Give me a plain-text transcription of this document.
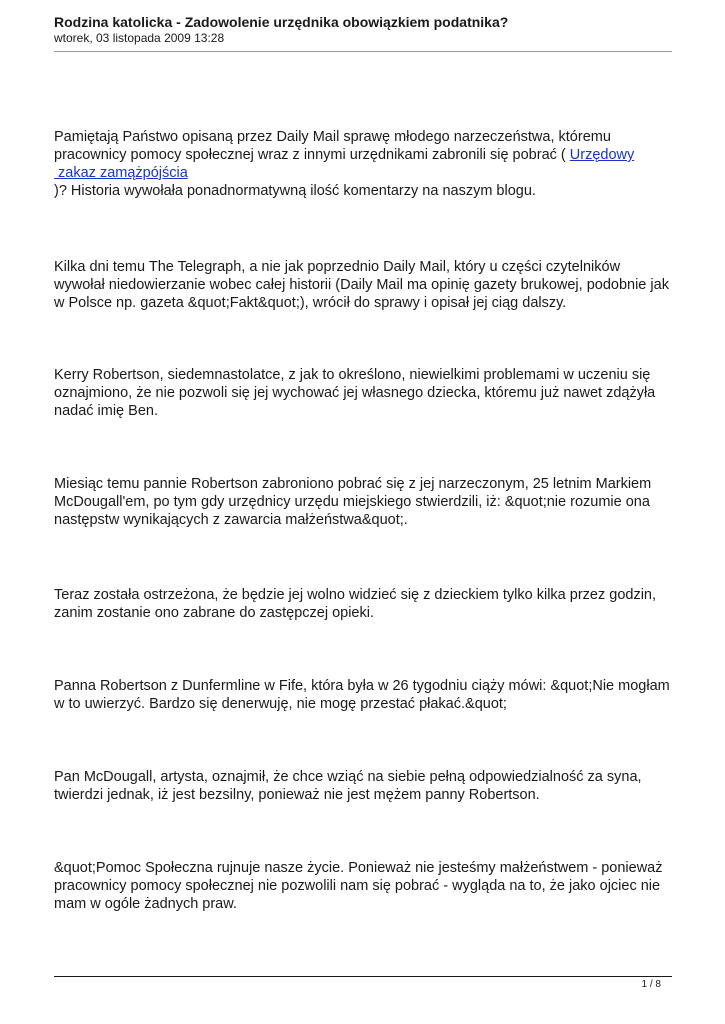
Rodzina katolicka - Zadowolenie urzędnika obowiązkiem podatnika?
wtorek, 03 listopada 2009 13:28

Pamiętają Państwo opisaną przez Daily Mail sprawę młodego narzeczeństwa, któremu pracownicy pomocy społecznej wraz z innymi urzędnikami zabronili się pobrać ( Urzędowy
zakaz zamążpójścia
)? Historia wywołała ponadnormatywną ilość komentarzy na naszym blogu.

Kilka dni temu The Telegraph, a nie jak poprzednio Daily Mail, który u części czytelników wywołał niedowierzanie wobec całej historii (Daily Mail ma opinię gazety brukowej, podobnie jak w Polsce np. gazeta &quot;Fakt&quot;), wrócił do sprawy i opisał jej ciąg dalszy.

Kerry Robertson, siedemnastolatce, z jak to określono, niewielkimi problemami w uczeniu się oznajmiono, że nie pozwoli się jej wychować jej własnego dziecka, któremu już nawet zdążyła nadać imię Ben.

Miesiąc temu pannie Robertson zabroniono pobrać się z jej narzeczonym, 25 letnim Markiem McDougall'em, po tym gdy urzędnicy urzędu miejskiego stwierdzili, iż: &quot;nie rozumie ona następstw wynikających z zawarcia małżeństwa&quot;.

Teraz została ostrzeżona, że będzie jej wolno widzieć się z dzieckiem tylko kilka przez godzin, zanim zostanie ono zabrane do zastępczej opieki.

Panna Robertson z Dunfermline w Fife, która była w 26 tygodniu ciąży mówi: &quot;Nie mogłam w to uwierzyć. Bardzo się denerwuję, nie mogę przestać płakać.&quot;

Pan McDougall, artysta, oznajmił, że chce wziąć na siebie pełną odpowiedzialność za syna, twierdzi jednak, iż jest bezsilny, ponieważ nie jest mężem panny Robertson.

&quot;Pomoc Społeczna rujnuje nasze życie. Ponieważ nie jesteśmy małżeństwem - ponieważ pracownicy pomocy społecznej nie pozwolili nam się pobrać - wygląda na to, że jako ojciec nie mam w ogóle żadnych praw.

1 / 8
